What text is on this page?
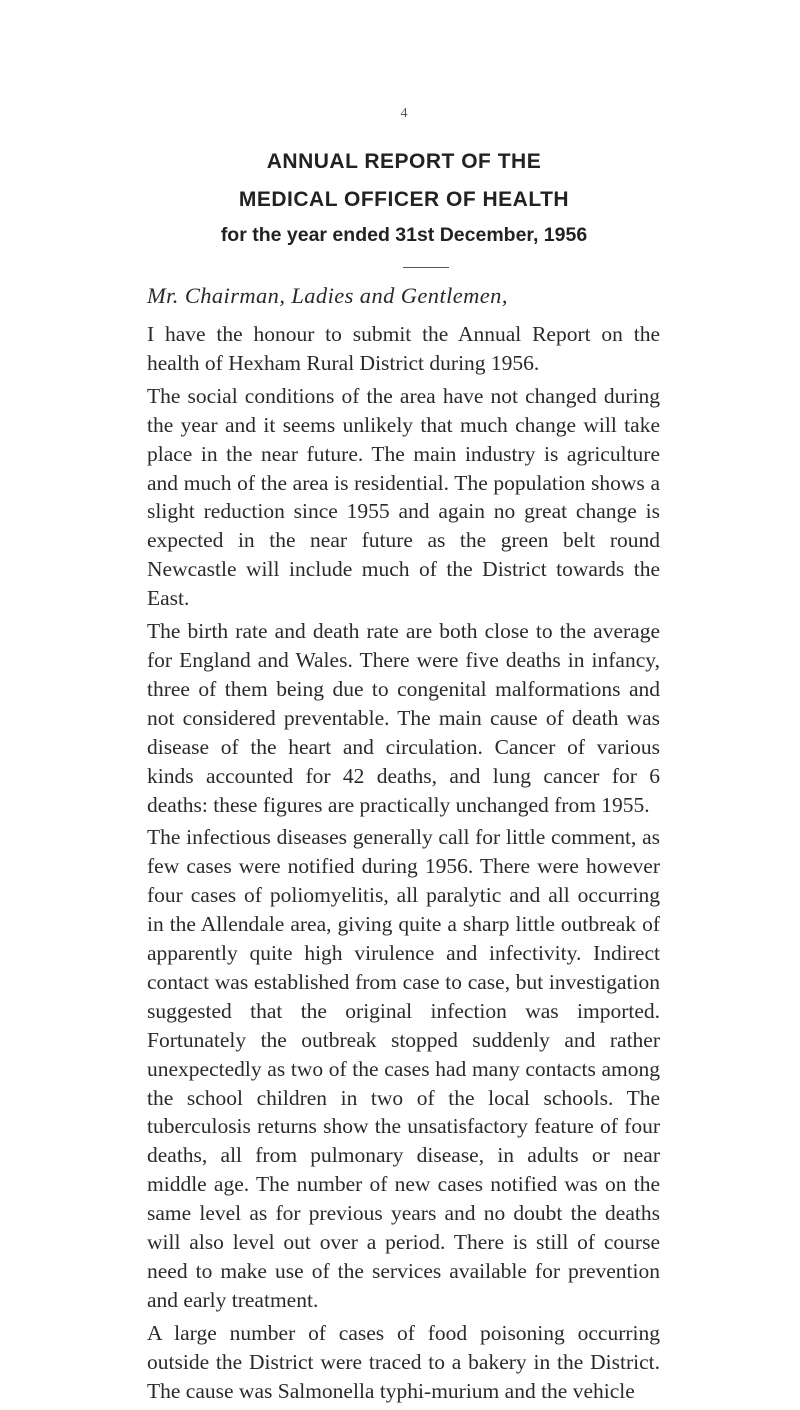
4
ANNUAL REPORT OF THE
MEDICAL OFFICER OF HEALTH
for the year ended 31st December, 1956
Mr. Chairman, Ladies and Gentlemen,

I have the honour to submit the Annual Report on the health of Hexham Rural District during 1956.

The social conditions of the area have not changed during the year and it seems unlikely that much change will take place in the near future. The main industry is agriculture and much of the area is residential. The population shows a slight reduction since 1955 and again no great change is expected in the near future as the green belt round Newcastle will include much of the District towards the East.

The birth rate and death rate are both close to the average for England and Wales. There were five deaths in infancy, three of them being due to congenital malformations and not considered preventable. The main cause of death was disease of the heart and circulation. Cancer of various kinds accounted for 42 deaths, and lung cancer for 6 deaths: these figures are practically unchanged from 1955.

The infectious diseases generally call for little comment, as few cases were notified during 1956. There were however four cases of poliomyelitis, all paralytic and all occurring in the Allendale area, giving quite a sharp little outbreak of apparently quite high virulence and infectivity. Indirect contact was established from case to case, but investigation suggested that the original infection was imported. Fortunately the outbreak stopped suddenly and rather unexpectedly as two of the cases had many contacts among the school children in two of the local schools. The tuberculosis returns show the unsatisfactory feature of four deaths, all from pulmonary disease, in adults or near middle age. The number of new cases notified was on the same level as for previous years and no doubt the deaths will also level out over a period. There is still of course need to make use of the services available for prevention and early treatment.

A large number of cases of food poisoning occurring outside the District were traced to a bakery in the District. The cause was Salmonella typhi-murium and the vehicle
